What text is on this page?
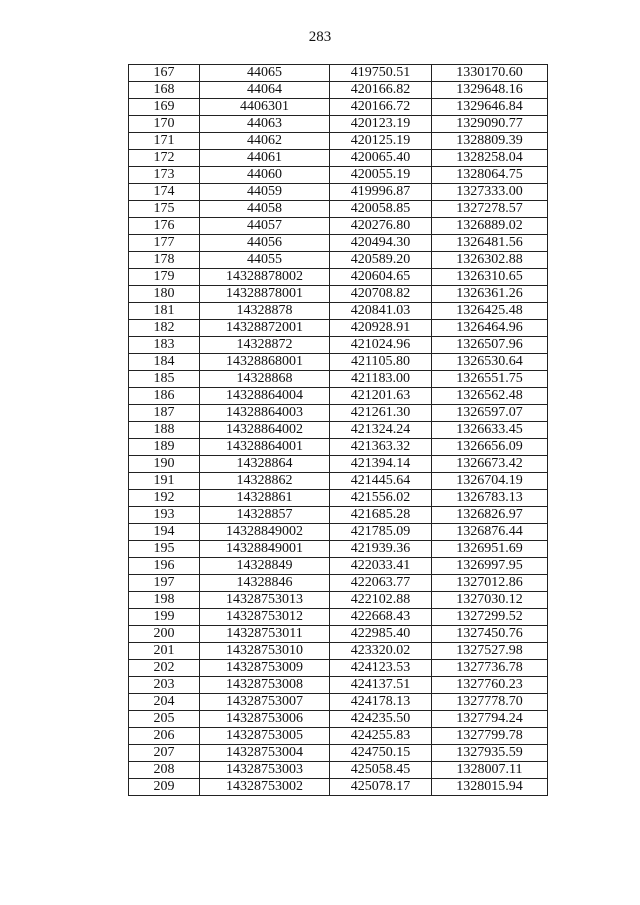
283
167	44065	419750.51	1330170.60
168	44064	420166.82	1329648.16
169	4406301	420166.72	1329646.84
170	44063	420123.19	1329090.77
171	44062	420125.19	1328809.39
172	44061	420065.40	1328258.04
173	44060	420055.19	1328064.75
174	44059	419996.87	1327333.00
175	44058	420058.85	1327278.57
176	44057	420276.80	1326889.02
177	44056	420494.30	1326481.56
178	44055	420589.20	1326302.88
179	14328878002	420604.65	1326310.65
180	14328878001	420708.82	1326361.26
181	14328878	420841.03	1326425.48
182	14328872001	420928.91	1326464.96
183	14328872	421024.96	1326507.96
184	14328868001	421105.80	1326530.64
185	14328868	421183.00	1326551.75
186	14328864004	421201.63	1326562.48
187	14328864003	421261.30	1326597.07
188	14328864002	421324.24	1326633.45
189	14328864001	421363.32	1326656.09
190	14328864	421394.14	1326673.42
191	14328862	421445.64	1326704.19
192	14328861	421556.02	1326783.13
193	14328857	421685.28	1326826.97
194	14328849002	421785.09	1326876.44
195	14328849001	421939.36	1326951.69
196	14328849	422033.41	1326997.95
197	14328846	422063.77	1327012.86
198	14328753013	422102.88	1327030.12
199	14328753012	422668.43	1327299.52
200	14328753011	422985.40	1327450.76
201	14328753010	423320.02	1327527.98
202	14328753009	424123.53	1327736.78
203	14328753008	424137.51	1327760.23
204	14328753007	424178.13	1327778.70
205	14328753006	424235.50	1327794.24
206	14328753005	424255.83	1327799.78
207	14328753004	424750.15	1327935.59
208	14328753003	425058.45	1328007.11
209	14328753002	425078.17	1328015.94
